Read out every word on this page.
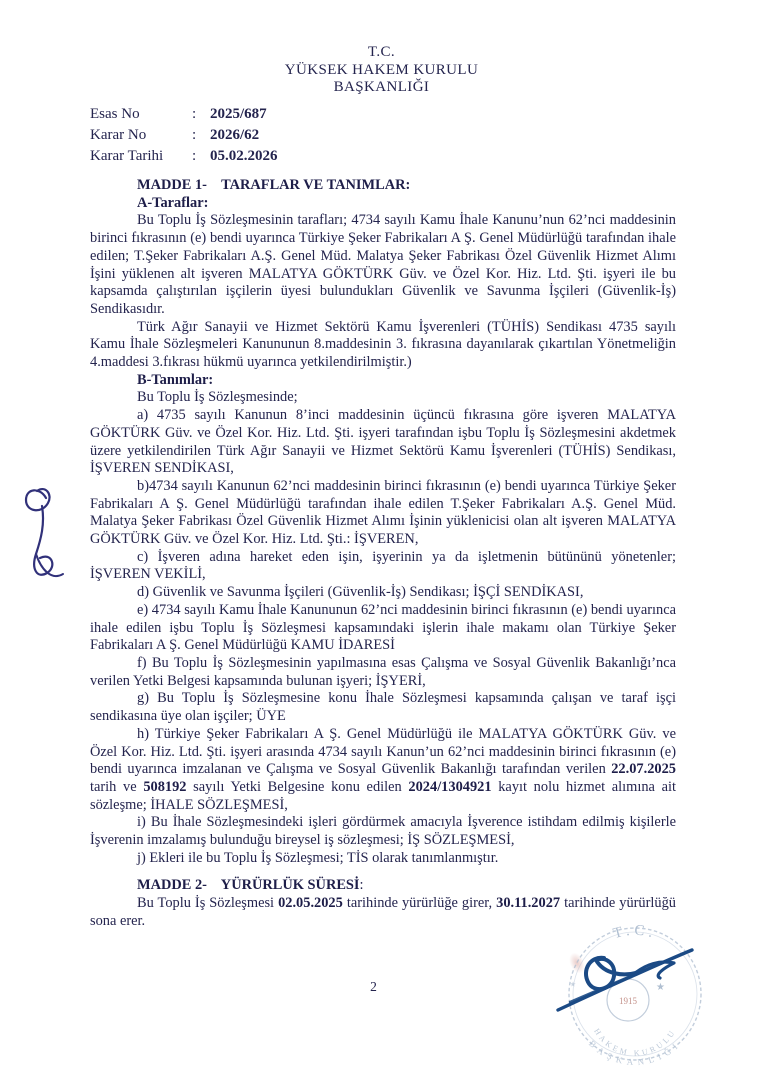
T.C.
YÜKSEK HAKEM KURULU
BAŞKANLIĞI
Esas No	: 2025/687
Karar No	: 2026/62
Karar Tarihi	: 05.02.2026

MADDE 1-    TARAFLAR VE TANIMLAR:

A-Taraflar:

Bu Toplu İş Sözleşmesinin tarafları; 4734 sayılı Kamu İhale Kanunu’nun 62’nci maddesinin birinci fıkrasının (e) bendi uyarınca Türkiye Şeker Fabrikaları A Ş. Genel Müdürlüğü tarafından ihale edilen; T.Şeker Fabrikaları A.Ş. Genel Müd. Malatya Şeker Fabrikası Özel Güvenlik Hizmet Alımı İşini yüklenen alt işveren MALATYA GÖKTÜRK Güv. ve Özel Kor. Hiz. Ltd. Şti. işyeri ile bu kapsamda çalıştırılan işçilerin üyesi bulundukları Güvenlik ve Savunma İşçileri (Güvenlik-İş) Sendikasıdır.

Türk Ağır Sanayii ve Hizmet Sektörü Kamu İşverenleri (TÜHİS) Sendikası 4735 sayılı Kamu İhale Sözleşmeleri Kanununun 8.maddesinin 3. fıkrasına dayanılarak çıkartılan Yönetmeliğin 4.maddesi 3.fıkrası hükmü uyarınca yetkilendirilmiştir.)

B-Tanımlar:

Bu Toplu İş Sözleşmesinde;

a) 4735 sayılı Kanunun 8’inci maddesinin üçüncü fıkrasına göre işveren MALATYA GÖKTÜRK Güv. ve Özel Kor. Hiz. Ltd. Şti. işyeri tarafından işbu Toplu İş Sözleşmesini akdetmek üzere yetkilendirilen Türk Ağır Sanayii ve Hizmet Sektörü Kamu İşverenleri (TÜHİS) Sendikası, İŞVEREN SENDİKASI,

b)4734 sayılı Kanunun 62’nci maddesinin birinci fıkrasının (e) bendi uyarınca Türkiye Şeker Fabrikaları A Ş. Genel Müdürlüğü tarafından ihale edilen T.Şeker Fabrikaları A.Ş. Genel Müd. Malatya Şeker Fabrikası Özel Güvenlik Hizmet Alımı İşinin yüklenicisi olan alt işveren MALATYA GÖKTÜRK Güv. ve Özel Kor. Hiz. Ltd. Şti.: İŞVEREN,

c) İşveren adına hareket eden işin, işyerinin ya da işletmenin bütününü yönetenler; İŞVEREN VEKİLİ,

d) Güvenlik ve Savunma İşçileri (Güvenlik-İş) Sendikası; İŞÇİ SENDİKASI,

e) 4734 sayılı Kamu İhale Kanununun 62’nci maddesinin birinci fıkrasının (e) bendi uyarınca ihale edilen işbu Toplu İş Sözleşmesi kapsamındaki işlerin ihale makamı olan Türkiye Şeker Fabrikaları A Ş. Genel Müdürlüğü KAMU İDARESİ

f) Bu Toplu İş Sözleşmesinin yapılmasına esas Çalışma ve Sosyal Güvenlik Bakanlığı’nca verilen Yetki Belgesi kapsamında bulunan işyeri; İŞYERİ,

g) Bu Toplu İş Sözleşmesine konu İhale Sözleşmesi kapsamında çalışan ve taraf işçi sendikasına üye olan işçiler; ÜYE

h) Türkiye Şeker Fabrikaları A Ş. Genel Müdürlüğü ile MALATYA GÖKTÜRK Güv. ve Özel Kor. Hiz. Ltd. Şti. işyeri arasında 4734 sayılı Kanun’un 62’nci maddesinin birinci fıkrasının (e) bendi uyarınca imzalanan ve Çalışma ve Sosyal Güvenlik Bakanlığı tarafından verilen 22.07.2025 tarih ve 508192 sayılı Yetki Belgesine konu edilen 2024/1304921 kayıt nolu hizmet alımına ait sözleşme; İHALE SÖZLEŞMESİ,

i) Bu İhale Sözleşmesindeki işleri gördürmek amacıyla İşverence istihdam edilmiş kişilerle İşverenin imzalamış bulunduğu bireysel iş sözleşmesi; İŞ SÖZLEŞMESİ,

j) Ekleri ile bu Toplu İş Sözleşmesi; TİS olarak tanımlanmıştır.

MADDE 2-    YÜRÜRLÜK SÜRESİ:

Bu Toplu İş Sözleşmesi 02.05.2025 tarihinde yürürlüğe girer, 30.11.2027 tarihinde yürürlüğü sona erer.

T.C.
HAKEM KURULU
BAŞKANLIĞI
1915
★
★
2
